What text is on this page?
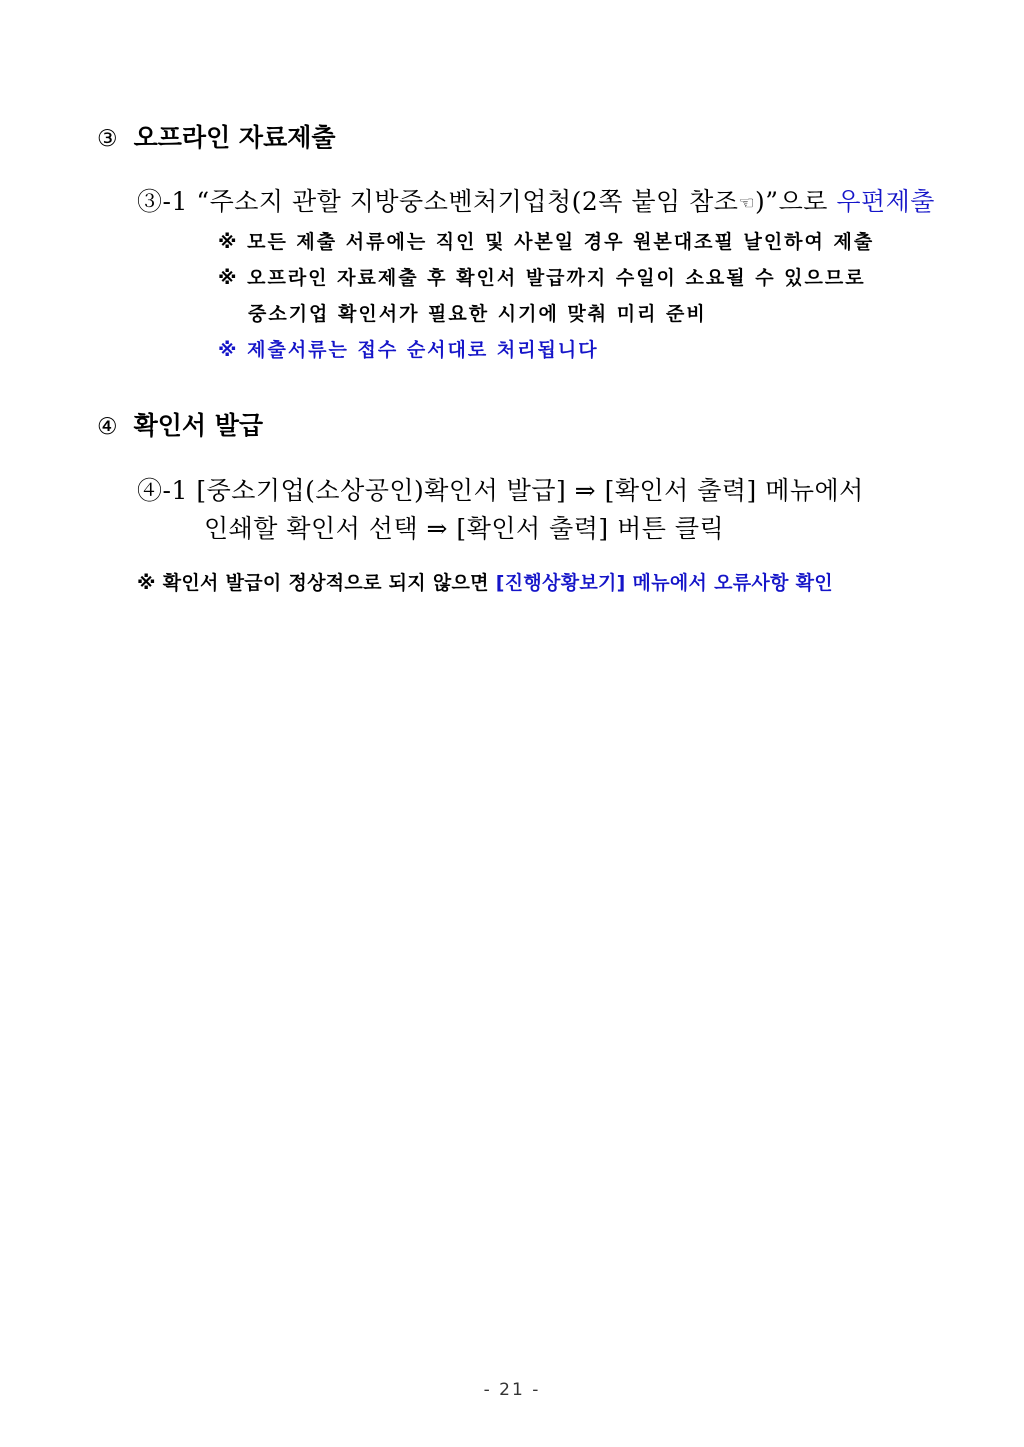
③ 오프라인 자료제출
③-1 “주소지 관할 지방중소벤처기업청(2쪽 붙임 참조☜)”으로 우편제출
※ 모든 제출 서류에는 직인 및 사본일 경우 원본대조필 날인하여 제출
※ 오프라인 자료제출 후 확인서 발급까지 수일이 소요될 수 있으므로
중소기업 확인서가 필요한 시기에 맞춰 미리 준비
※ 제출서류는 접수 순서대로 처리됩니다
④ 확인서 발급
④-1 [중소기업(소상공인)확인서 발급] ⇒ [확인서 출력] 메뉴에서
인쇄할 확인서 선택 ⇒ [확인서 출력] 버튼 클릭
※ 확인서 발급이 정상적으로 되지 않으면 [진행상황보기] 메뉴에서 오류사항 확인
- 21 -
